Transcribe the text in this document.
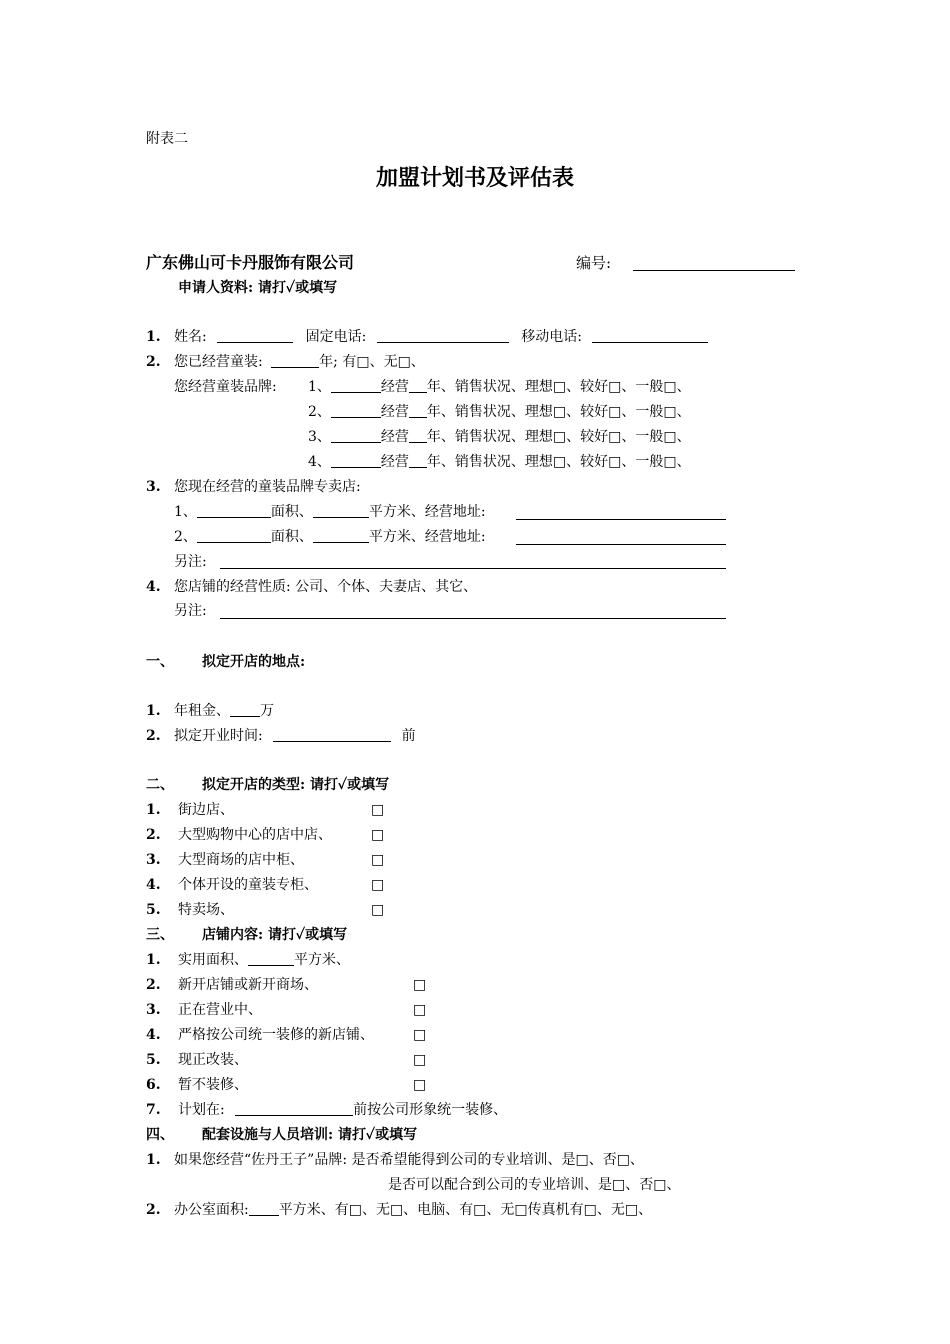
附表二
加盟计划书及评估表
广东佛山可卡丹服饰有限公司	编号:
申请人资料: 请打✓或填写
1. 姓名:	固定电话:	移动电话:
2. 您已经营童装:	年; 有□、无□、
您经营童装品牌: 1、	经营 年、销售状况、理想□、较好□、一般□、
2、	经营 年、销售状况、理想□、较好□、一般□、
3、	经营 年、销售状况、理想□、较好□、一般□、
4、	经营 年、销售状况、理想□、较好□、一般□、
3. 您现在经营的童装品牌专卖店:
1、	面积、	平方米、经营地址:
2、	面积、	平方米、经营地址:
另注:
4. 您店铺的经营性质: 公司、个体、夫妻店、其它、
另注:
一、 拟定开店的地点:
1. 年租金、 万
2. 拟定开业时间:	前
二、 拟定开店的类型: 请打✓或填写
1. 街边店、	□
2. 大型购物中心的店中店、	□
3. 大型商场的店中柜、	□
4. 个体开设的童装专柜、	□
5. 特卖场、	□
三、 店铺内容: 请打✓或填写
1. 实用面积、	平方米、
2. 新开店铺或新开商场、	□
3. 正在营业中、	□
4. 严格按公司统一装修的新店铺、	□
5. 现正改装、	□
6. 暂不装修、	□
7. 计划在:	前按公司形象统一装修、
四、 配套设施与人员培训: 请打✓或填写
1. 如果您经营“佐丹王子”品牌: 是否希望能得到公司的专业培训、是□、否□、
是否可以配合到公司的专业培训、是□、否□、
2. 办公室面积: 平方米、有□、无□、电脑、有□、无□传真机有□、无□、
